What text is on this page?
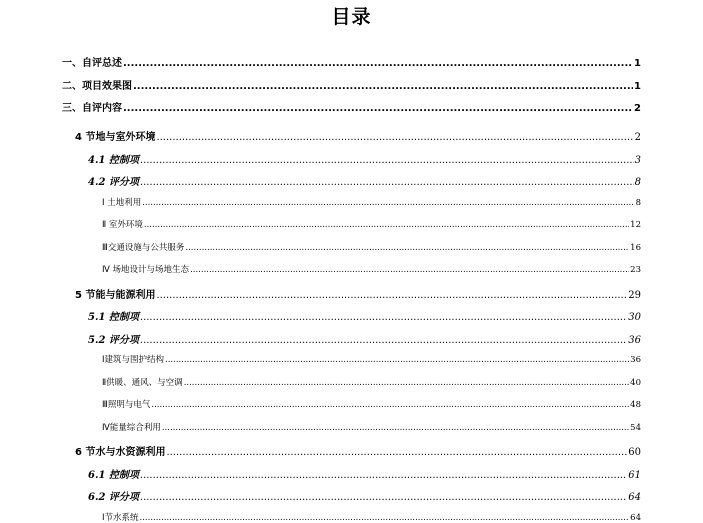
目录
一、自评总述 .....	1
二、项目效果图 .....	1
三、自评内容 .....	2
4 节地与室外环境 .....	2
4.1 控制项 .....	3
4.2 评分项 .....	8
Ⅰ 土地利用 .....	8
Ⅱ 室外环境 .....	12
Ⅲ交通设施与公共服务 .....	16
Ⅳ 场地设计与场地生态 .....	23
5 节能与能源利用 .....	29
5.1 控制项 .....	30
5.2 评分项 .....	36
Ⅰ建筑与围护结构 .....	36
Ⅱ供暖、通风、与空调 .....	40
Ⅲ照明与电气 .....	48
Ⅳ能量综合利用 .....	54
6 节水与水资源利用 .....	60
6.1 控制项 .....	61
6.2 评分项 .....	64
Ⅰ节水系统 .....	64
